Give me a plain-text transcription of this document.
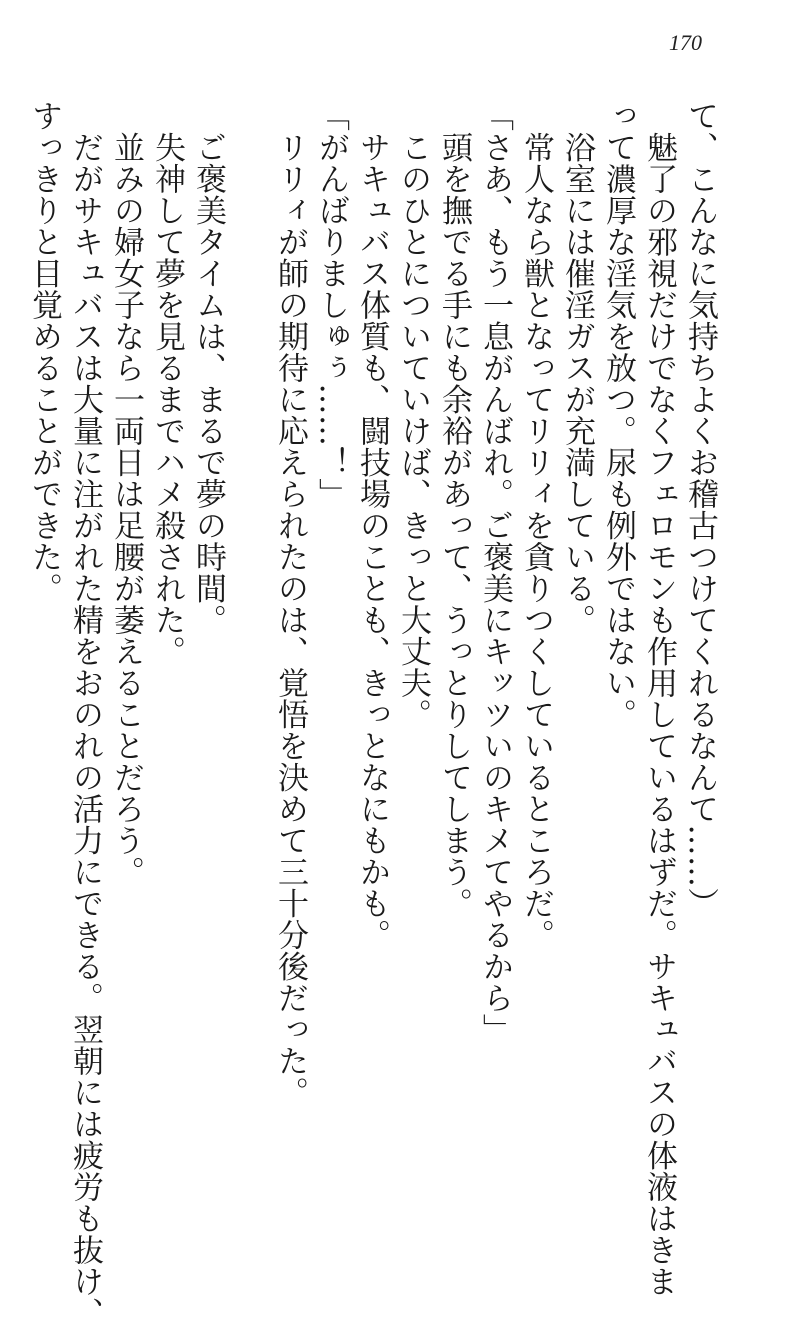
170
て、こんなに気持ちよくお稽古つけてくれるなんて……）
　魅了の邪視だけでなくフェロモンも作用しているはずだ。サキュバスの体液はきま
って濃厚な淫気を放つ。尿も例外ではない。
　浴室には催淫ガスが充満している。
　常人なら獣となってリリィを貪りつくしているところだ。
「さあ、もう一息がんばれ。ご褒美にキッツいのキメてやるから」
　頭を撫でる手にも余裕があって、うっとりしてしまう。
　このひとについていけば、きっと大丈夫。
　サキュバス体質も、闘技場のことも、きっとなにもかも。
「がんばりましゅぅ……！」
　リリィが師の期待に応えられたのは、覚悟を決めて三十分後だった。
　ご褒美タイムは、まるで夢の時間。
　失神して夢を見るまでハメ殺された。
　並みの婦女子なら一両日は足腰が萎えることだろう。
　だがサキュバスは大量に注がれた精をおのれの活力にできる。翌朝には疲労も抜け、
すっきりと目覚めることができた。
